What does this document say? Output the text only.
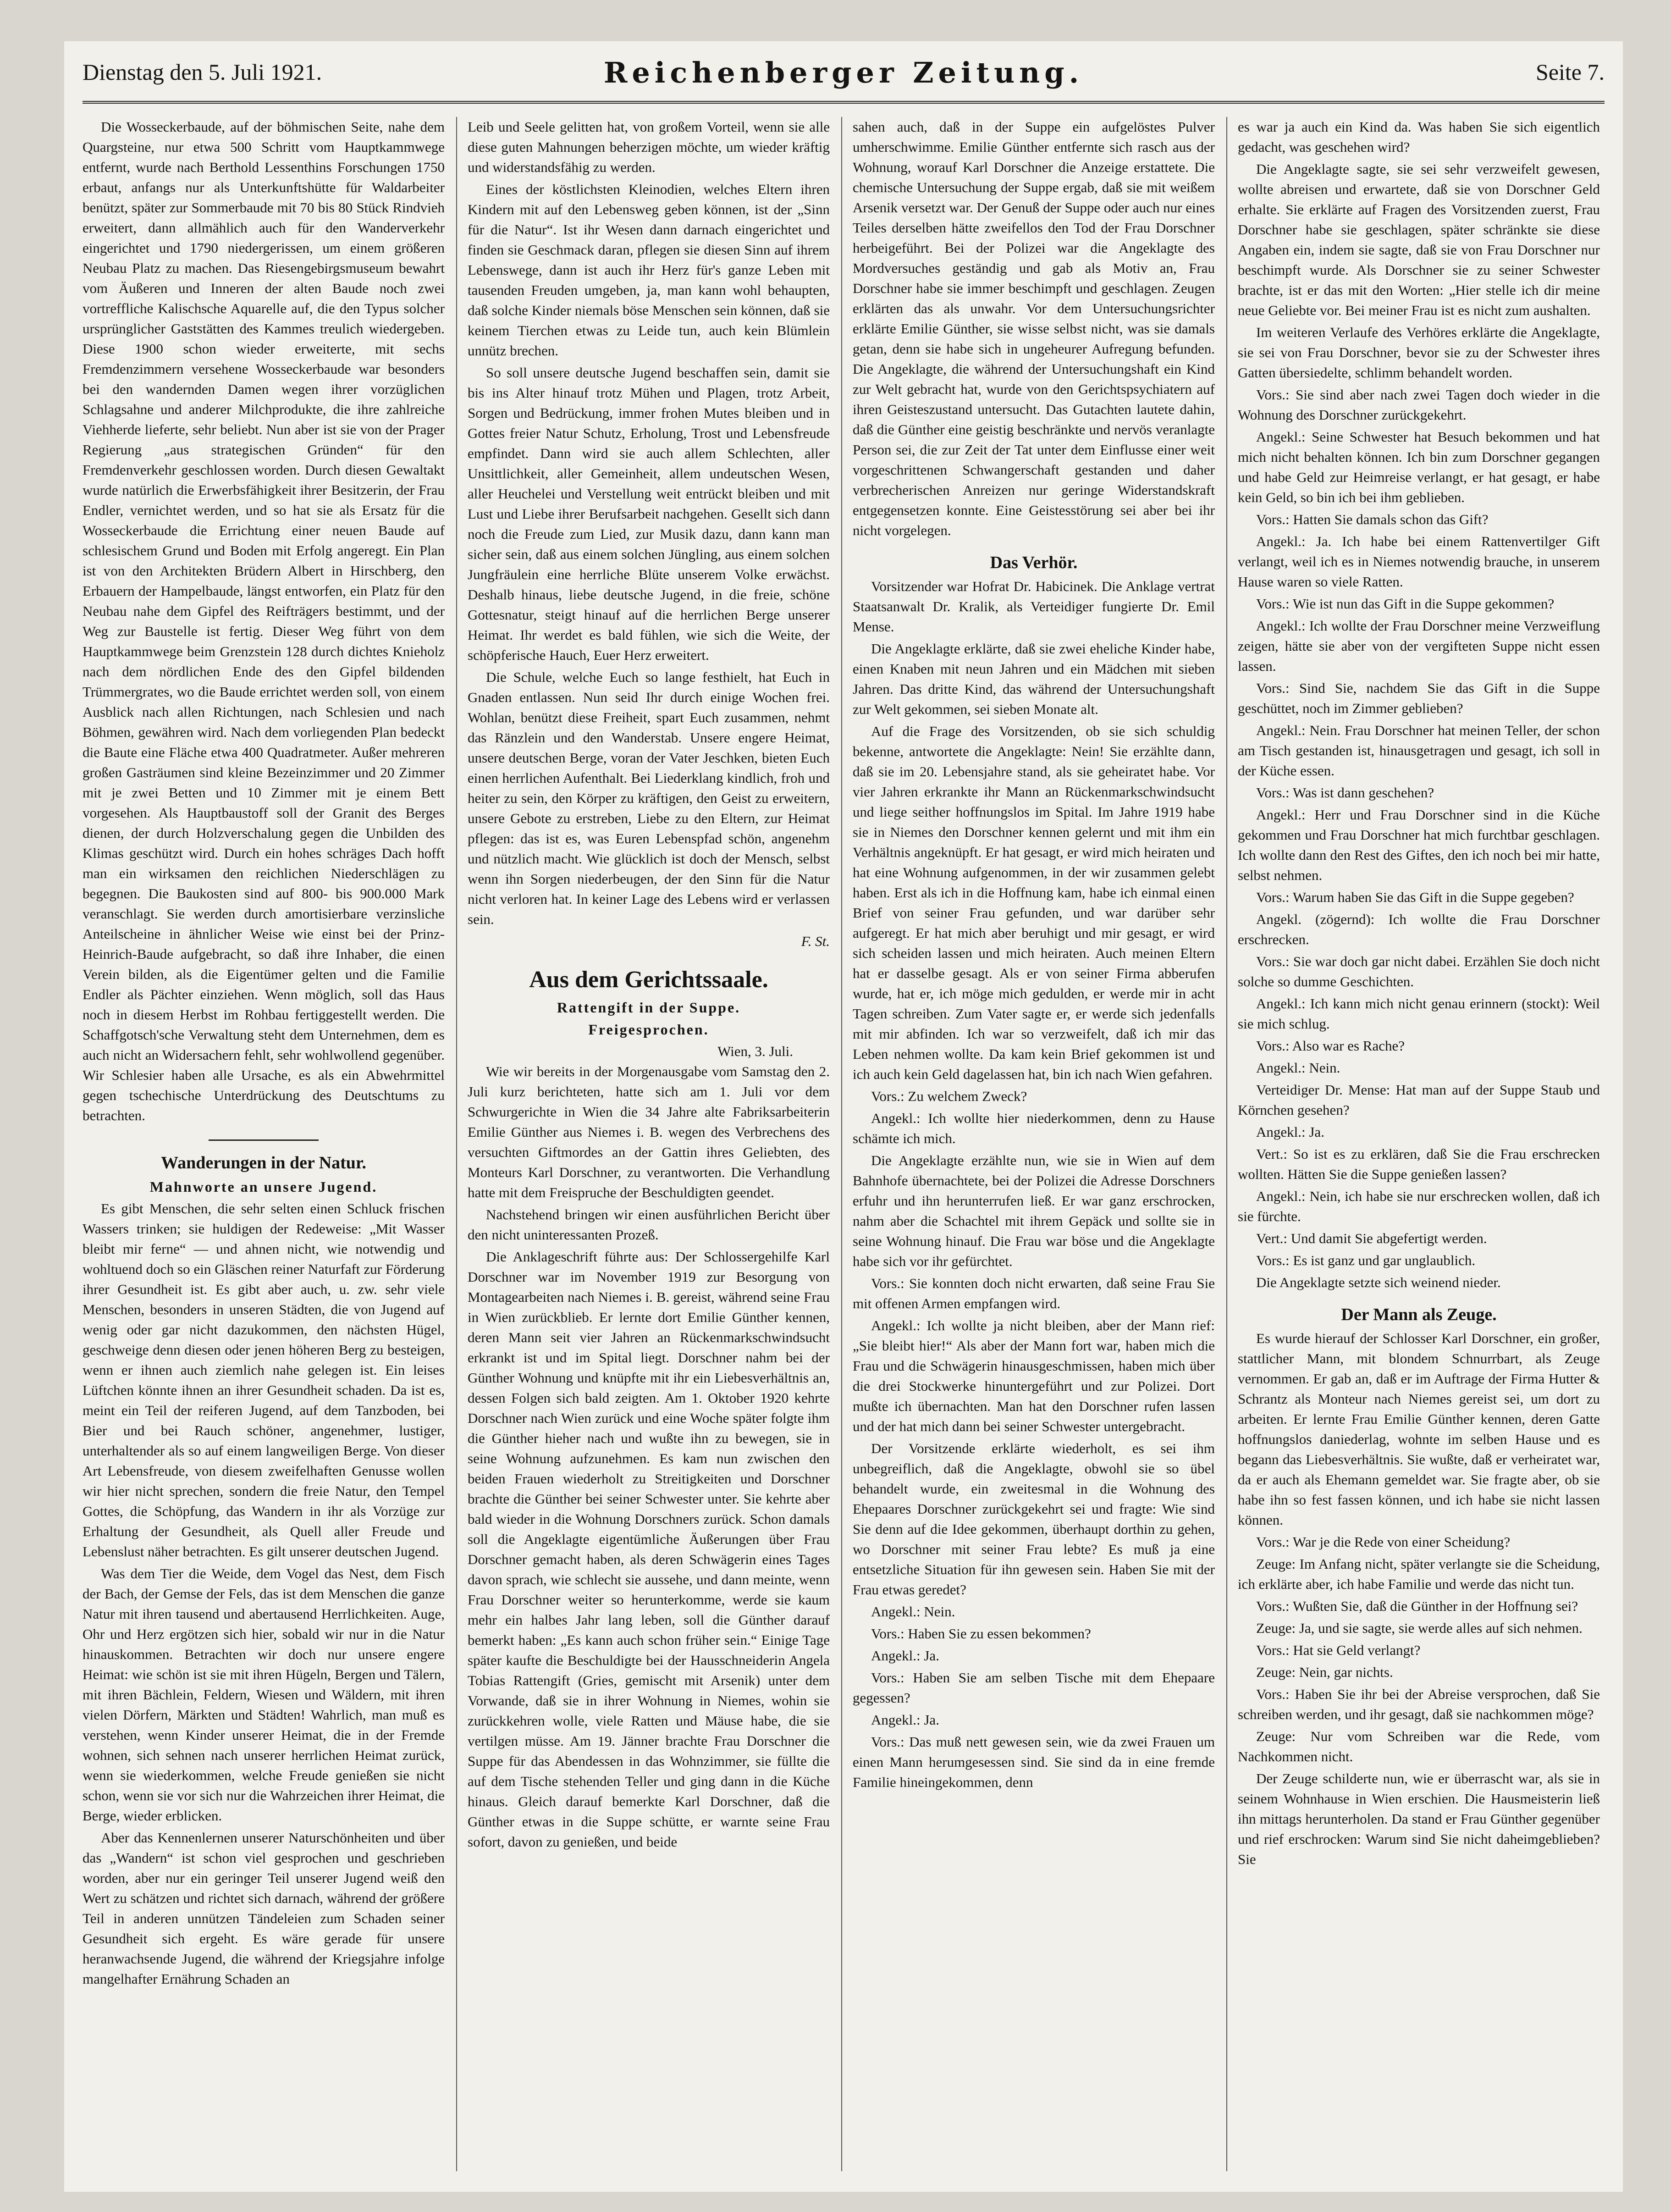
Dienstag den 5. Juli 1921.	Reichenberger Zeitung.	Seite 7.

Die Wosseckerbaude, auf der böhmischen Seite, nahe dem Quargsteine, nur etwa 500 Schritt vom Hauptkammwege entfernt, wurde nach Berthold Lessenthins Forschungen 1750 erbaut, anfangs nur als Unterkunftshütte für Waldarbeiter benützt, später zur Sommerbaude mit 70 bis 80 Stück Rindvieh erweitert, dann allmählich auch für den Wanderverkehr eingerichtet und 1790 niedergerissen, um einem größeren Neubau Platz zu machen. Das Riesengebirgsmuseum bewahrt vom Äußeren und Inneren der alten Baude noch zwei vortreffliche Kalischsche Aquarelle auf, die den Typus solcher ursprünglicher Gaststätten des Kammes treulich wiedergeben. Diese 1900 schon wieder erweiterte, mit sechs Fremdenzimmern versehene Wosseckerbaude war besonders bei den wandernden Damen wegen ihrer vorzüglichen Schlagsahne und anderer Milchprodukte, die ihre zahlreiche Viehherde lieferte, sehr beliebt. Nun aber ist sie von der Prager Regierung „aus strategischen Gründen“ für den Fremdenverkehr geschlossen worden. Durch diesen Gewaltakt wurde natürlich die Erwerbsfähigkeit ihrer Besitzerin, der Frau Endler, vernichtet werden, und so hat sie als Ersatz für die Wosseckerbaude die Errichtung einer neuen Baude auf schlesischem Grund und Boden mit Erfolg angeregt. Ein Plan ist von den Architekten Brüdern Albert in Hirschberg, den Erbauern der Hampelbaude, längst entworfen, ein Platz für den Neubau nahe dem Gipfel des Reifträgers bestimmt, und der Weg zur Baustelle ist fertig. Dieser Weg führt von dem Hauptkammwege beim Grenzstein 128 durch dichtes Knieholz nach dem nördlichen Ende des den Gipfel bildenden Trümmergrates, wo die Baude errichtet werden soll, von einem Ausblick nach allen Richtungen, nach Schlesien und nach Böhmen, gewähren wird. Nach dem vorliegenden Plan bedeckt die Baute eine Fläche etwa 400 Quadratmeter. Außer mehreren großen Gasträumen sind kleine Bezeinzimmer und 20 Zimmer mit je zwei Betten und 10 Zimmer mit je einem Bett vorgesehen. Als Hauptbaustoff soll der Granit des Berges dienen, der durch Holzverschalung gegen die Unbilden des Klimas geschützt wird. Durch ein hohes schräges Dach hofft man ein wirksamen den reichlichen Niederschlägen zu begegnen. Die Baukosten sind auf 800- bis 900.000 Mark veranschlagt. Sie werden durch amortisierbare verzinsliche Anteilscheine in ähnlicher Weise wie einst bei der Prinz-Heinrich-Baude aufgebracht, so daß ihre Inhaber, die einen Verein bilden, als die Eigentümer gelten und die Familie Endler als Pächter einziehen. Wenn möglich, soll das Haus noch in diesem Herbst im Rohbau fertiggestellt werden. Die Schaffgotsch'sche Verwaltung steht dem Unternehmen, dem es auch nicht an Widersachern fehlt, sehr wohlwollend gegenüber. Wir Schlesier haben alle Ursache, es als ein Abwehrmittel gegen tschechische Unterdrückung des Deutschtums zu betrachten.

Wanderungen in der Natur.
Mahnworte an unsere Jugend.

Es gibt Menschen, die sehr selten einen Schluck frischen Wassers trinken; sie huldigen der Redeweise: „Mit Wasser bleibt mir ferne“ — und ahnen nicht, wie notwendig und wohltuend doch so ein Gläschen reiner Naturfaft zur Förderung ihrer Gesundheit ist. Es gibt aber auch, u. zw. sehr viele Menschen, besonders in unseren Städten, die von Jugend auf wenig oder gar nicht dazukommen, den nächsten Hügel, geschweige denn diesen oder jenen höheren Berg zu besteigen, wenn er ihnen auch ziemlich nahe gelegen ist. Ein leises Lüftchen könnte ihnen an ihrer Gesundheit schaden. Da ist es, meint ein Teil der reiferen Jugend, auf dem Tanzboden, bei Bier und bei Rauch schöner, angenehmer, lustiger, unterhaltender als so auf einem langweiligen Berge. Von dieser Art Lebensfreude, von diesem zweifelhaften Genusse wollen wir hier nicht sprechen, sondern die freie Natur, den Tempel Gottes, die Schöpfung, das Wandern in ihr als Vorzüge zur Erhaltung der Gesundheit, als Quell aller Freude und Lebenslust näher betrachten. Es gilt unserer deutschen Jugend.

Was dem Tier die Weide, dem Vogel das Nest, dem Fisch der Bach, der Gemse der Fels, das ist dem Menschen die ganze Natur mit ihren tausend und abertausend Herrlichkeiten. Auge, Ohr und Herz ergötzen sich hier, sobald wir nur in die Natur hinauskommen. Betrachten wir doch nur unsere engere Heimat: wie schön ist sie mit ihren Hügeln, Bergen und Tälern, mit ihren Bächlein, Feldern, Wiesen und Wäldern, mit ihren vielen Dörfern, Märkten und Städten! Wahrlich, man muß es verstehen, wenn Kinder unserer Heimat, die in der Fremde wohnen, sich sehnen nach unserer herrlichen Heimat zurück, wenn sie wiederkommen, welche Freude genießen sie nicht schon, wenn sie vor sich nur die Wahrzeichen ihrer Heimat, die Berge, wieder erblicken.

Aber das Kennenlernen unserer Naturschönheiten und über das „Wandern“ ist schon viel gesprochen und geschrieben worden, aber nur ein geringer Teil unserer Jugend weiß den Wert zu schätzen und richtet sich darnach, während der größere Teil in anderen unnützen Tändeleien zum Schaden seiner Gesundheit sich ergeht. Es wäre gerade für unsere heranwachsende Jugend, die während der Kriegsjahre infolge mangelhafter Ernährung Schaden an

Leib und Seele gelitten hat, von großem Vorteil, wenn sie alle diese guten Mahnungen beherzigen möchte, um wieder kräftig und widerstandsfähig zu werden.

Eines der köstlichsten Kleinodien, welches Eltern ihren Kindern mit auf den Lebensweg geben können, ist der „Sinn für die Natur“. Ist ihr Wesen dann darnach eingerichtet und finden sie Geschmack daran, pflegen sie diesen Sinn auf ihrem Lebenswege, dann ist auch ihr Herz für's ganze Leben mit tausenden Freuden umgeben, ja, man kann wohl behaupten, daß solche Kinder niemals böse Menschen sein können, daß sie keinem Tierchen etwas zu Leide tun, auch kein Blümlein unnütz brechen.

So soll unsere deutsche Jugend beschaffen sein, damit sie bis ins Alter hinauf trotz Mühen und Plagen, trotz Arbeit, Sorgen und Bedrückung, immer frohen Mutes bleiben und in Gottes freier Natur Schutz, Erholung, Trost und Lebensfreude empfindet. Dann wird sie auch allem Schlechten, aller Unsittlichkeit, aller Gemeinheit, allem undeutschen Wesen, aller Heuchelei und Verstellung weit entrückt bleiben und mit Lust und Liebe ihrer Berufsarbeit nachgehen. Gesellt sich dann noch die Freude zum Lied, zur Musik dazu, dann kann man sicher sein, daß aus einem solchen Jüngling, aus einem solchen Jungfräulein eine herrliche Blüte unserem Volke erwächst. Deshalb hinaus, liebe deutsche Jugend, in die freie, schöne Gottesnatur, steigt hinauf auf die herrlichen Berge unserer Heimat. Ihr werdet es bald fühlen, wie sich die Weite, der schöpferische Hauch, Euer Herz erweitert.

Die Schule, welche Euch so lange festhielt, hat Euch in Gnaden entlassen. Nun seid Ihr durch einige Wochen frei. Wohlan, benützt diese Freiheit, spart Euch zusammen, nehmt das Ränzlein und den Wanderstab. Unsere engere Heimat, unsere deutschen Berge, voran der Vater Jeschken, bieten Euch einen herrlichen Aufenthalt. Bei Liederklang kindlich, froh und heiter zu sein, den Körper zu kräftigen, den Geist zu erweitern, unsere Gebote zu erstreben, Liebe zu den Eltern, zur Heimat pflegen: das ist es, was Euren Lebenspfad schön, angenehm und nützlich macht. Wie glücklich ist doch der Mensch, selbst wenn ihn Sorgen niederbeugen, der den Sinn für die Natur nicht verloren hat. In keiner Lage des Lebens wird er verlassen sein.

F. St.
Aus dem Gerichtssaale.
Rattengift in der Suppe.
Freigesprochen.
Wien, 3. Juli.

Wie wir bereits in der Morgenausgabe vom Samstag den 2. Juli kurz berichteten, hatte sich am 1. Juli vor dem Schwurgerichte in Wien die 34 Jahre alte Fabriksarbeiterin Emilie Günther aus Niemes i. B. wegen des Verbrechens des versuchten Giftmordes an der Gattin ihres Geliebten, des Monteurs Karl Dorschner, zu verantworten. Die Verhandlung hatte mit dem Freispruche der Beschuldigten geendet.

Nachstehend bringen wir einen ausführlichen Bericht über den nicht uninteressanten Prozeß.

Die Anklageschrift führte aus: Der Schlossergehilfe Karl Dorschner war im November 1919 zur Besorgung von Montagearbeiten nach Niemes i. B. gereist, während seine Frau in Wien zurückblieb. Er lernte dort Emilie Günther kennen, deren Mann seit vier Jahren an Rückenmarkschwindsucht erkrankt ist und im Spital liegt. Dorschner nahm bei der Günther Wohnung und knüpfte mit ihr ein Liebesverhältnis an, dessen Folgen sich bald zeigten. Am 1. Oktober 1920 kehrte Dorschner nach Wien zurück und eine Woche später folgte ihm die Günther hieher nach und wußte ihn zu bewegen, sie in seine Wohnung aufzunehmen. Es kam nun zwischen den beiden Frauen wiederholt zu Streitigkeiten und Dorschner brachte die Günther bei seiner Schwester unter. Sie kehrte aber bald wieder in die Wohnung Dorschners zurück. Schon damals soll die Angeklagte eigentümliche Äußerungen über Frau Dorschner gemacht haben, als deren Schwägerin eines Tages davon sprach, wie schlecht sie aussehe, und dann meinte, wenn Frau Dorschner weiter so herunterkomme, werde sie kaum mehr ein halbes Jahr lang leben, soll die Günther darauf bemerkt haben: „Es kann auch schon früher sein.“ Einige Tage später kaufte die Beschuldigte bei der Hausschneiderin Angela Tobias Rattengift (Gries, gemischt mit Arsenik) unter dem Vorwande, daß sie in ihrer Wohnung in Niemes, wohin sie zurückkehren wolle, viele Ratten und Mäuse habe, die sie vertilgen müsse. Am 19. Jänner brachte Frau Dorschner die Suppe für das Abendessen in das Wohnzimmer, sie füllte die auf dem Tische stehenden Teller und ging dann in die Küche hinaus. Gleich darauf bemerkte Karl Dorschner, daß die Günther etwas in die Suppe schütte, er warnte seine Frau sofort, davon zu genießen, und beide

sahen auch, daß in der Suppe ein aufgelöstes Pulver umherschwimme. Emilie Günther entfernte sich rasch aus der Wohnung, worauf Karl Dorschner die Anzeige erstattete. Die chemische Untersuchung der Suppe ergab, daß sie mit weißem Arsenik versetzt war. Der Genuß der Suppe oder auch nur eines Teiles derselben hätte zweifellos den Tod der Frau Dorschner herbeigeführt. Bei der Polizei war die Angeklagte des Mordversuches geständig und gab als Motiv an, Frau Dorschner habe sie immer beschimpft und geschlagen. Zeugen erklärten das als unwahr. Vor dem Untersuchungsrichter erklärte Emilie Günther, sie wisse selbst nicht, was sie damals getan, denn sie habe sich in ungeheurer Aufregung befunden. Die Angeklagte, die während der Untersuchungshaft ein Kind zur Welt gebracht hat, wurde von den Gerichtspsychiatern auf ihren Geisteszustand untersucht. Das Gutachten lautete dahin, daß die Günther eine geistig beschränkte und nervös veranlagte Person sei, die zur Zeit der Tat unter dem Einflusse einer weit vorgeschrittenen Schwangerschaft gestanden und daher verbrecherischen Anreizen nur geringe Widerstandskraft entgegensetzen konnte. Eine Geistesstörung sei aber bei ihr nicht vorgelegen.

Das Verhör.

Vorsitzender war Hofrat Dr. Habicinek. Die Anklage vertrat Staatsanwalt Dr. Kralik, als Verteidiger fungierte Dr. Emil Mense.

Die Angeklagte erklärte, daß sie zwei eheliche Kinder habe, einen Knaben mit neun Jahren und ein Mädchen mit sieben Jahren. Das dritte Kind, das während der Untersuchungshaft zur Welt gekommen, sei sieben Monate alt.

Auf die Frage des Vorsitzenden, ob sie sich schuldig bekenne, antwortete die Angeklagte: Nein! Sie erzählte dann, daß sie im 20. Lebensjahre stand, als sie geheiratet habe. Vor vier Jahren erkrankte ihr Mann an Rückenmarkschwindsucht und liege seither hoffnungslos im Spital. Im Jahre 1919 habe sie in Niemes den Dorschner kennen gelernt und mit ihm ein Verhältnis angeknüpft. Er hat gesagt, er wird mich heiraten und hat eine Wohnung aufgenommen, in der wir zusammen gelebt haben. Erst als ich in die Hoffnung kam, habe ich einmal einen Brief von seiner Frau gefunden, und war darüber sehr aufgeregt. Er hat mich aber beruhigt und mir gesagt, er wird sich scheiden lassen und mich heiraten. Auch meinen Eltern hat er dasselbe gesagt. Als er von seiner Firma abberufen wurde, hat er, ich möge mich gedulden, er werde mir in acht Tagen schreiben. Zum Vater sagte er, er werde sich jedenfalls mit mir abfinden. Ich war so verzweifelt, daß ich mir das Leben nehmen wollte. Da kam kein Brief gekommen ist und ich auch kein Geld dagelassen hat, bin ich nach Wien gefahren.

Vors.: Zu welchem Zweck?

Angekl.: Ich wollte hier niederkommen, denn zu Hause schämte ich mich.

Die Angeklagte erzählte nun, wie sie in Wien auf dem Bahnhofe übernachtete, bei der Polizei die Adresse Dorschners erfuhr und ihn herunterrufen ließ. Er war ganz erschrocken, nahm aber die Schachtel mit ihrem Gepäck und sollte sie in seine Wohnung hinauf. Die Frau war böse und die Angeklagte habe sich vor ihr gefürchtet.

Vors.: Sie konnten doch nicht erwarten, daß seine Frau Sie mit offenen Armen empfangen wird.

Angekl.: Ich wollte ja nicht bleiben, aber der Mann rief: „Sie bleibt hier!“ Als aber der Mann fort war, haben mich die Frau und die Schwägerin hinausgeschmissen, haben mich über die drei Stockwerke hinuntergeführt und zur Polizei. Dort mußte ich übernachten. Man hat den Dorschner rufen lassen und der hat mich dann bei seiner Schwester untergebracht.

Der Vorsitzende erklärte wiederholt, es sei ihm unbegreiflich, daß die Angeklagte, obwohl sie so übel behandelt wurde, ein zweitesmal in die Wohnung des Ehepaares Dorschner zurückgekehrt sei und fragte: Wie sind Sie denn auf die Idee gekommen, überhaupt dorthin zu gehen, wo Dorschner mit seiner Frau lebte? Es muß ja eine entsetzliche Situation für ihn gewesen sein. Haben Sie mit der Frau etwas geredet?

Angekl.: Nein.

Vors.: Haben Sie zu essen bekommen?

Angekl.: Ja.

Vors.: Haben Sie am selben Tische mit dem Ehepaare gegessen?

Angekl.: Ja.

Vors.: Das muß nett gewesen sein, wie da zwei Frauen um einen Mann herumgesessen sind. Sie sind da in eine fremde Familie hineingekommen, denn

es war ja auch ein Kind da. Was haben Sie sich eigentlich gedacht, was geschehen wird?

Die Angeklagte sagte, sie sei sehr verzweifelt gewesen, wollte abreisen und erwartete, daß sie von Dorschner Geld erhalte. Sie erklärte auf Fragen des Vorsitzenden zuerst, Frau Dorschner habe sie geschlagen, später schränkte sie diese Angaben ein, indem sie sagte, daß sie von Frau Dorschner nur beschimpft wurde. Als Dorschner sie zu seiner Schwester brachte, ist er das mit den Worten: „Hier stelle ich dir meine neue Geliebte vor. Bei meiner Frau ist es nicht zum aushalten.

Im weiteren Verlaufe des Verhöres erklärte die Angeklagte, sie sei von Frau Dorschner, bevor sie zu der Schwester ihres Gatten übersiedelte, schlimm behandelt worden.

Vors.: Sie sind aber nach zwei Tagen doch wieder in die Wohnung des Dorschner zurückgekehrt.

Angekl.: Seine Schwester hat Besuch bekommen und hat mich nicht behalten können. Ich bin zum Dorschner gegangen und habe Geld zur Heimreise verlangt, er hat gesagt, er habe kein Geld, so bin ich bei ihm geblieben.

Vors.: Hatten Sie damals schon das Gift?

Angekl.: Ja. Ich habe bei einem Rattenvertilger Gift verlangt, weil ich es in Niemes notwendig brauche, in unserem Hause waren so viele Ratten.

Vors.: Wie ist nun das Gift in die Suppe gekommen?

Angekl.: Ich wollte der Frau Dorschner meine Verzweiflung zeigen, hätte sie aber von der vergifteten Suppe nicht essen lassen.

Vors.: Sind Sie, nachdem Sie das Gift in die Suppe geschüttet, noch im Zimmer geblieben?

Angekl.: Nein. Frau Dorschner hat meinen Teller, der schon am Tisch gestanden ist, hinausgetragen und gesagt, ich soll in der Küche essen.

Vors.: Was ist dann geschehen?

Angekl.: Herr und Frau Dorschner sind in die Küche gekommen und Frau Dorschner hat mich furchtbar geschlagen. Ich wollte dann den Rest des Giftes, den ich noch bei mir hatte, selbst nehmen.

Vors.: Warum haben Sie das Gift in die Suppe gegeben?

Angekl. (zögernd): Ich wollte die Frau Dorschner erschrecken.

Vors.: Sie war doch gar nicht dabei. Erzählen Sie doch nicht solche so dumme Geschichten.

Angekl.: Ich kann mich nicht genau erinnern (stockt): Weil sie mich schlug.

Vors.: Also war es Rache?

Angekl.: Nein.

Verteidiger Dr. Mense: Hat man auf der Suppe Staub und Körnchen gesehen?

Angekl.: Ja.

Vert.: So ist es zu erklären, daß Sie die Frau erschrecken wollten. Hätten Sie die Suppe genießen lassen?

Angekl.: Nein, ich habe sie nur erschrecken wollen, daß ich sie fürchte.

Vert.: Und damit Sie abgefertigt werden.

Vors.: Es ist ganz und gar unglaublich.

Die Angeklagte setzte sich weinend nieder.

Der Mann als Zeuge.

Es wurde hierauf der Schlosser Karl Dorschner, ein großer, stattlicher Mann, mit blondem Schnurrbart, als Zeuge vernommen. Er gab an, daß er im Auftrage der Firma Hutter & Schrantz als Monteur nach Niemes gereist sei, um dort zu arbeiten. Er lernte Frau Emilie Günther kennen, deren Gatte hoffnungslos daniederlag, wohnte im selben Hause und es begann das Liebesverhältnis. Sie wußte, daß er verheiratet war, da er auch als Ehemann gemeldet war. Sie fragte aber, ob sie habe ihn so fest fassen können, und ich habe sie nicht lassen können.

Vors.: War je die Rede von einer Scheidung?

Zeuge: Im Anfang nicht, später verlangte sie die Scheidung, ich erklärte aber, ich habe Familie und werde das nicht tun.

Vors.: Wußten Sie, daß die Günther in der Hoffnung sei?

Zeuge: Ja, und sie sagte, sie werde alles auf sich nehmen.

Vors.: Hat sie Geld verlangt?

Zeuge: Nein, gar nichts.

Vors.: Haben Sie ihr bei der Abreise versprochen, daß Sie schreiben werden, und ihr gesagt, daß sie nachkommen möge?

Zeuge: Nur vom Schreiben war die Rede, vom Nachkommen nicht.

Der Zeuge schilderte nun, wie er überrascht war, als sie in seinem Wohnhause in Wien erschien. Die Hausmeisterin ließ ihn mittags herunterholen. Da stand er Frau Günther gegenüber und rief erschrocken: Warum sind Sie nicht daheimgeblieben? Sie
